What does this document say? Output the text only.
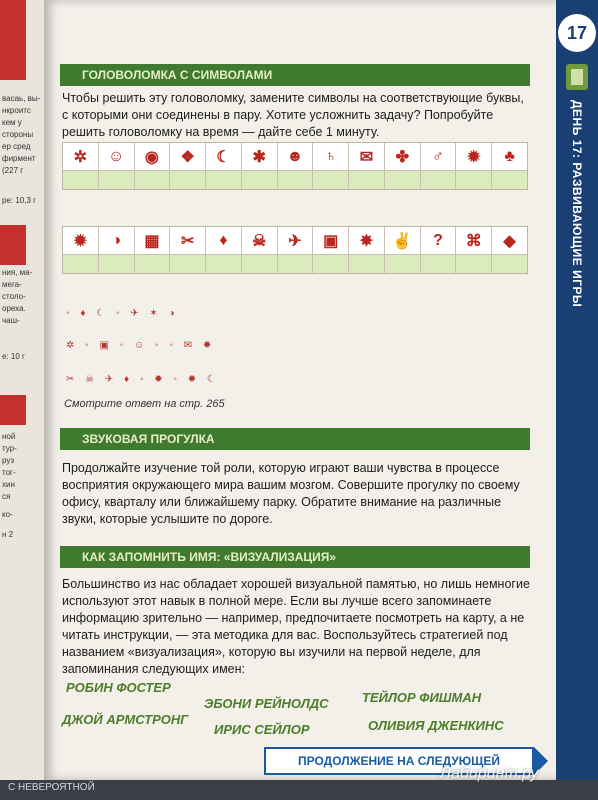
васаь, вы-
нкроитс
кем у
стороны
ер сред
фирмент
(227 г
ре: 10,3 г
ния, ма-
мега-
столо-
ореха.
чаш-
е: 10 г
ной
тур-
руз
тог-
хин
ся
ко-
н 2
17
ДЕНЬ 17: РАЗВИВАЮЩИЕ ИГРЫ
ГОЛОВОЛОМКА С СИМВОЛАМИ
Чтобы решить эту головоломку, замените символы на соответствующие буквы, с которыми они соединены в пару. Хотите усложнить задачу? Попробуйте решить головоломку на время — дайте себе 1 минуту.
✲	☺	◉	❖	☾	✱	☻	♄	✉	✤	♂	✹	♣
✹	◑	▦	✂	♦	☠	✈	▣	✸	✌	?	⌘	◆
◦ ♦ ☾ ◦ ✈ ✶ ◑
✲ ◦ ▣ ◦ ☺ ◦ ◦ ✉ ✹
✂ ☠ ✈ ♦ ◦ ✹ ◦ ✹ ☾
Смотрите ответ на стр. 265
ЗВУКОВАЯ ПРОГУЛКА
Продолжайте изучение той роли, которую играют ваши чувства в процессе восприятия окружающего мира вашим мозгом. Совершите прогулку по своему офису, кварталу или ближайшему парку. Обратите внимание на различные звуки, которые услышите по дороге.
КАК ЗАПОМНИТЬ ИМЯ: «ВИЗУАЛИЗАЦИЯ»
Большинство из нас обладает хорошей визуальной памятью, но лишь немногие используют этот навык в полной мере. Если вы лучше всего запоминаете информацию зрительно — например, предпочитаете посмотреть на карту, а не читать инструкции, — эта методика для вас. Воспользуйтесь стратегией под названием «визуализация», которую вы изучили на первой неделе, для запоминания следующих имен:
РОБИН ФОСТЕР
ЭБОНИ РЕЙНОЛДС	ТЕЙЛОР ФИШМАН
ДЖОЙ АРМСТРОНГ
ИРИС СЕЙЛОР	ОЛИВИЯ ДЖЕНКИНС
ПРОДОЛЖЕНИЕ НА СЛЕДУЮЩЕЙ
С НЕВЕРОЯТНОЙ
Лабиринт.ру
